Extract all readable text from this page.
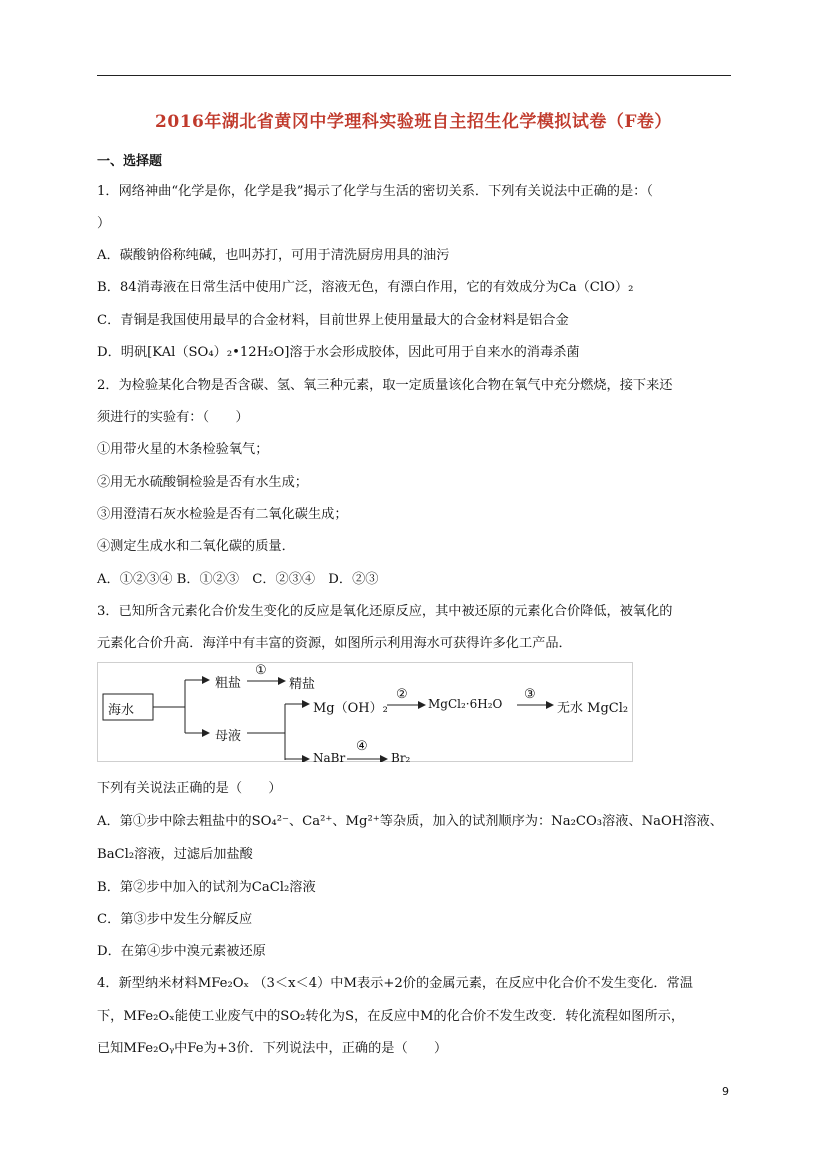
2016年湖北省黄冈中学理科实验班自主招生化学模拟试卷（F卷）
一、选择题
1．网络神曲“化学是你，化学是我”揭示了化学与生活的密切关系．下列有关说法中正确的是：（
）
A．碳酸钠俗称纯碱，也叫苏打，可用于清洗厨房用具的油污
B．84消毒液在日常生活中使用广泛，溶液无色，有漂白作用，它的有效成分为Ca（ClO）₂
C．青铜是我国使用最早的合金材料，目前世界上使用量最大的合金材料是铝合金
D．明矾[KAl（SO₄）₂•12H₂O]溶于水会形成胶体，因此可用于自来水的消毒杀菌
2．为检验某化合物是否含碳、氢、氧三种元素，取一定质量该化合物在氧气中充分燃烧，接下来还
须进行的实验有：（　　）
①用带火星的木条检验氧气；
②用无水硫酸铜检验是否有水生成；
③用澄清石灰水检验是否有二氧化碳生成；
④测定生成水和二氧化碳的质量．
A．①②③④ B．①②③　C．②③④　D．②③
3．已知所含元素化合价发生变化的反应是氧化还原反应，其中被还原的元素化合价降低，被氧化的
元素化合价升高．海洋中有丰富的资源，如图所示利用海水可获得许多化工产品．
海水
粗盐
①
精盐
母液
Mg（OH）₂
②
MgCl₂·6H₂O
③
无水 MgCl₂
NaBr
④
Br₂
下列有关说法正确的是（　　）
A．第①步中除去粗盐中的SO₄²⁻、Ca²⁺、Mg²⁺等杂质，加入的试剂顺序为：Na₂CO₃溶液、NaOH溶液、
BaCl₂溶液，过滤后加盐酸
B．第②步中加入的试剂为CaCl₂溶液
C．第③步中发生分解反应
D．在第④步中溴元素被还原
4．新型纳米材料MFe₂Oₓ （3＜x＜4）中M表示+2价的金属元素，在反应中化合价不发生变化．常温
下，MFe₂Oₓ能使工业废气中的SO₂转化为S，在反应中M的化合价不发生改变．转化流程如图所示，
已知MFe₂Oᵧ中Fe为+3价．下列说法中，正确的是（　　）
9
